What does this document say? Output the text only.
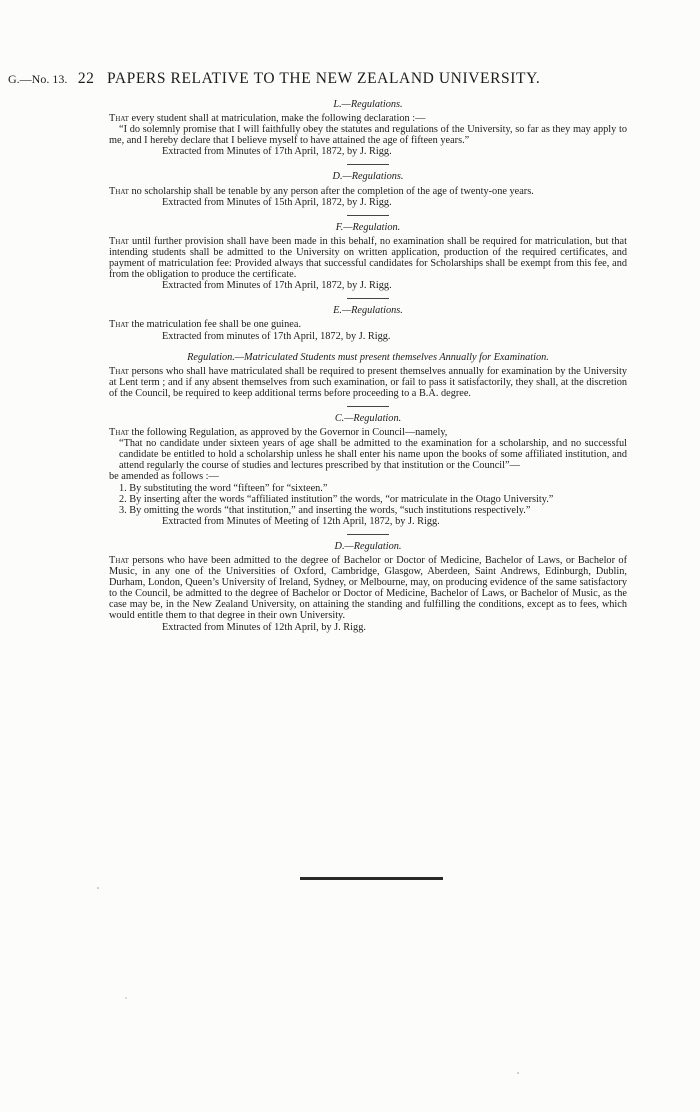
G.—No. 13. 22 PAPERS RELATIVE TO THE NEW ZEALAND UNIVERSITY.
L.—Regulations.

That every student shall at matriculation, make the following declaration :—

“I do solemnly promise that I will faithfully obey the statutes and regulations of the University, so far as they may apply to me, and I hereby declare that I believe myself to have attained the age of fifteen years.”

Extracted from Minutes of 17th April, 1872, by J. Rigg.

D.—Regulations.

That no scholarship shall be tenable by any person after the completion of the age of twenty-one years.

Extracted from Minutes of 15th April, 1872, by J. Rigg.

F.—Regulation.

That until further provision shall have been made in this behalf, no examination shall be required for matriculation, but that intending students shall be admitted to the University on written application, production of the required certificates, and payment of matriculation fee: Provided always that successful candidates for Scholarships shall be exempt from this fee, and from the obligation to produce the certificate.

Extracted from Minutes of 17th April, 1872, by J. Rigg.

E.—Regulations.

That the matriculation fee shall be one guinea.

Extracted from minutes of 17th April, 1872, by J. Rigg.

Regulation.—Matriculated Students must present themselves Annually for Examination.

That persons who shall have matriculated shall be required to present themselves annually for examination by the University at Lent term ; and if any absent themselves from such examination, or fail to pass it satisfactorily, they shall, at the discretion of the Council, be required to keep additional terms before proceeding to a B.A. degree.

C.—Regulation.

That the following Regulation, as approved by the Governor in Council—namely,

“That no candidate under sixteen years of age shall be admitted to the examination for a scholarship, and no successful candidate be entitled to hold a scholarship unless he shall enter his name upon the books of some affiliated institution, and attend regularly the course of studies and lectures prescribed by that institution or the Council”—

be amended as follows :—

1. By substituting the word “fifteen” for “sixteen.”

2. By inserting after the words “affiliated institution” the words, “or matriculate in the Otago University.”

3. By omitting the words “that institution,” and inserting the words, “such institutions respectively.”

Extracted from Minutes of Meeting of 12th April, 1872, by J. Rigg.

D.—Regulation.

That persons who have been admitted to the degree of Bachelor or Doctor of Medicine, Bachelor of Laws, or Bachelor of Music, in any one of the Universities of Oxford, Cambridge, Glasgow, Aberdeen, Saint Andrews, Edinburgh, Dublin, Durham, London, Queen’s University of Ireland, Sydney, or Melbourne, may, on producing evidence of the same satisfactory to the Council, be admitted to the degree of Bachelor or Doctor of Medicine, Bachelor of Laws, or Bachelor of Music, as the case may be, in the New Zealand University, on attaining the standing and fulfilling the conditions, except as to fees, which would entitle them to that degree in their own University.

Extracted from Minutes of 12th April, by J. Rigg.
